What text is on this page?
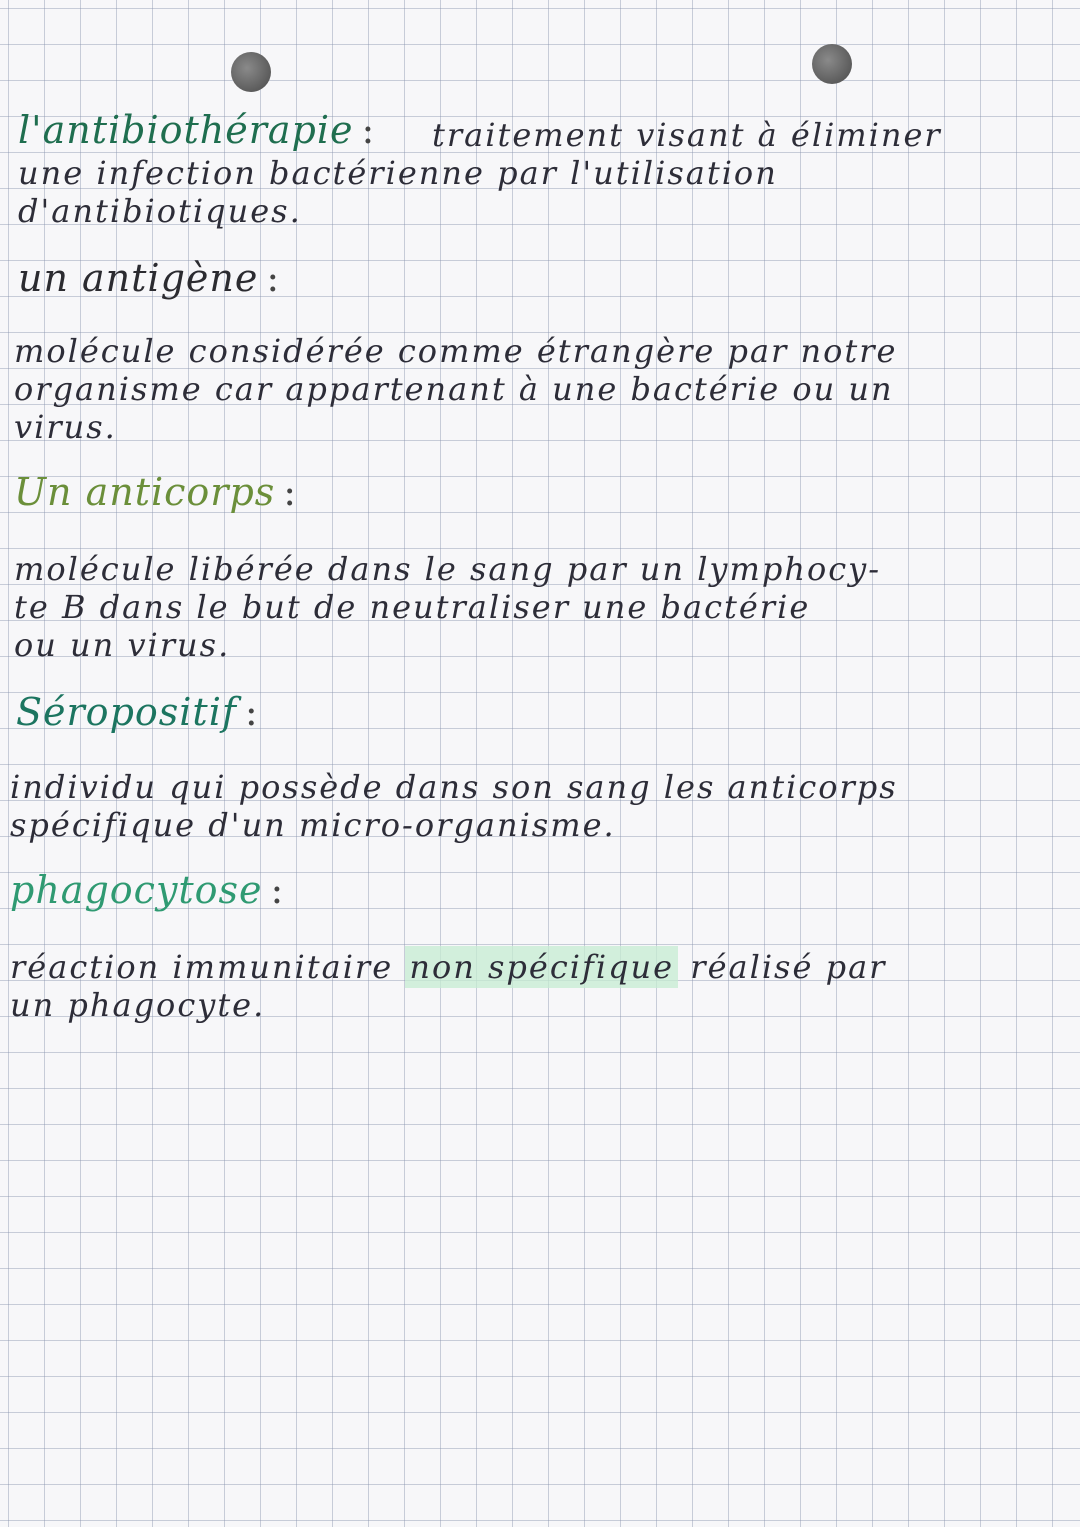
l'antibiothérapie : traitement visant à éliminer
une infection bactérienne par l'utilisation
d'antibiotiques.
un antigène :
molécule considérée comme étrangère par notre
organisme car appartenant à une bactérie ou un
virus.
Un anticorps :
molécule libérée dans le sang par un lymphocy-
te B dans le but de neutraliser une bactérie
ou un virus.
Séropositif :
individu qui possède dans son sang les anticorps
spécifique d'un micro-organisme.
phagocytose :
réaction immunitaire non spécifique réalisé par
un phagocyte.
